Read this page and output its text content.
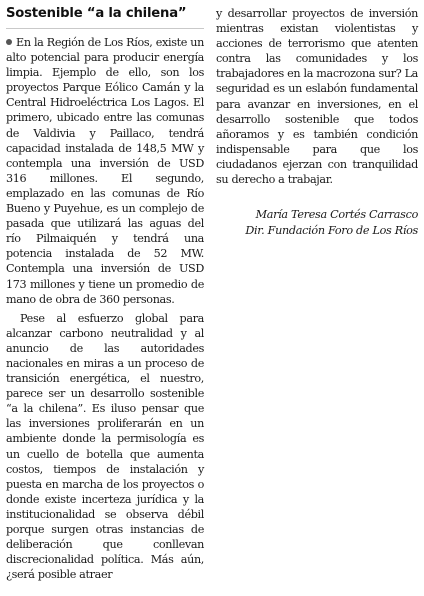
Sostenible “a la chilena”

En la Región de Los Ríos, existe un alto potencial para producir energía limpia. Ejemplo de ello, son los proyectos Parque Eólico Camán y la Central Hidroeléctrica Los Lagos. El primero, ubicado entre las comunas de Valdivia y Paillaco, tendrá capacidad instalada de 148,5 MW y contempla una inversión de USD 316 millones. El segundo, emplazado en las comunas de Río Bueno y Puyehue, es un complejo de pasada que utilizará las aguas del río Pilmaiquén y tendrá una potencia instalada de 52 MW. Contempla una inversión de USD 173 millones y tiene un promedio de mano de obra de 360 personas.

Pese al esfuerzo global para alcanzar carbono neutralidad y al anuncio de las autoridades nacionales en miras a un proceso de transición energética, el nuestro, parece ser un desarrollo sostenible “a la chilena”. Es iluso pensar que las inversiones proliferarán en un ambiente donde la permisología es un cuello de botella que aumenta costos, tiempos de instalación y puesta en marcha de los proyectos o donde existe incerteza jurídica y la institucionalidad se observa débil porque surgen otras instancias de deliberación que conllevan discrecionalidad política. Más aún, ¿será posible atraer

y desarrollar proyectos de inversión mientras existan violentistas y acciones de terrorismo que atenten contra las comunidades y los trabajadores en la macrozona sur? La seguridad es un eslabón fundamental para avanzar en inversiones, en el desarrollo sostenible que todos añoramos y es también condición indispensable para que los ciudadanos ejerzan con tranquilidad su derecho a trabajar.

María Teresa Cortés Carrasco
Dir. Fundación Foro de Los Ríos
